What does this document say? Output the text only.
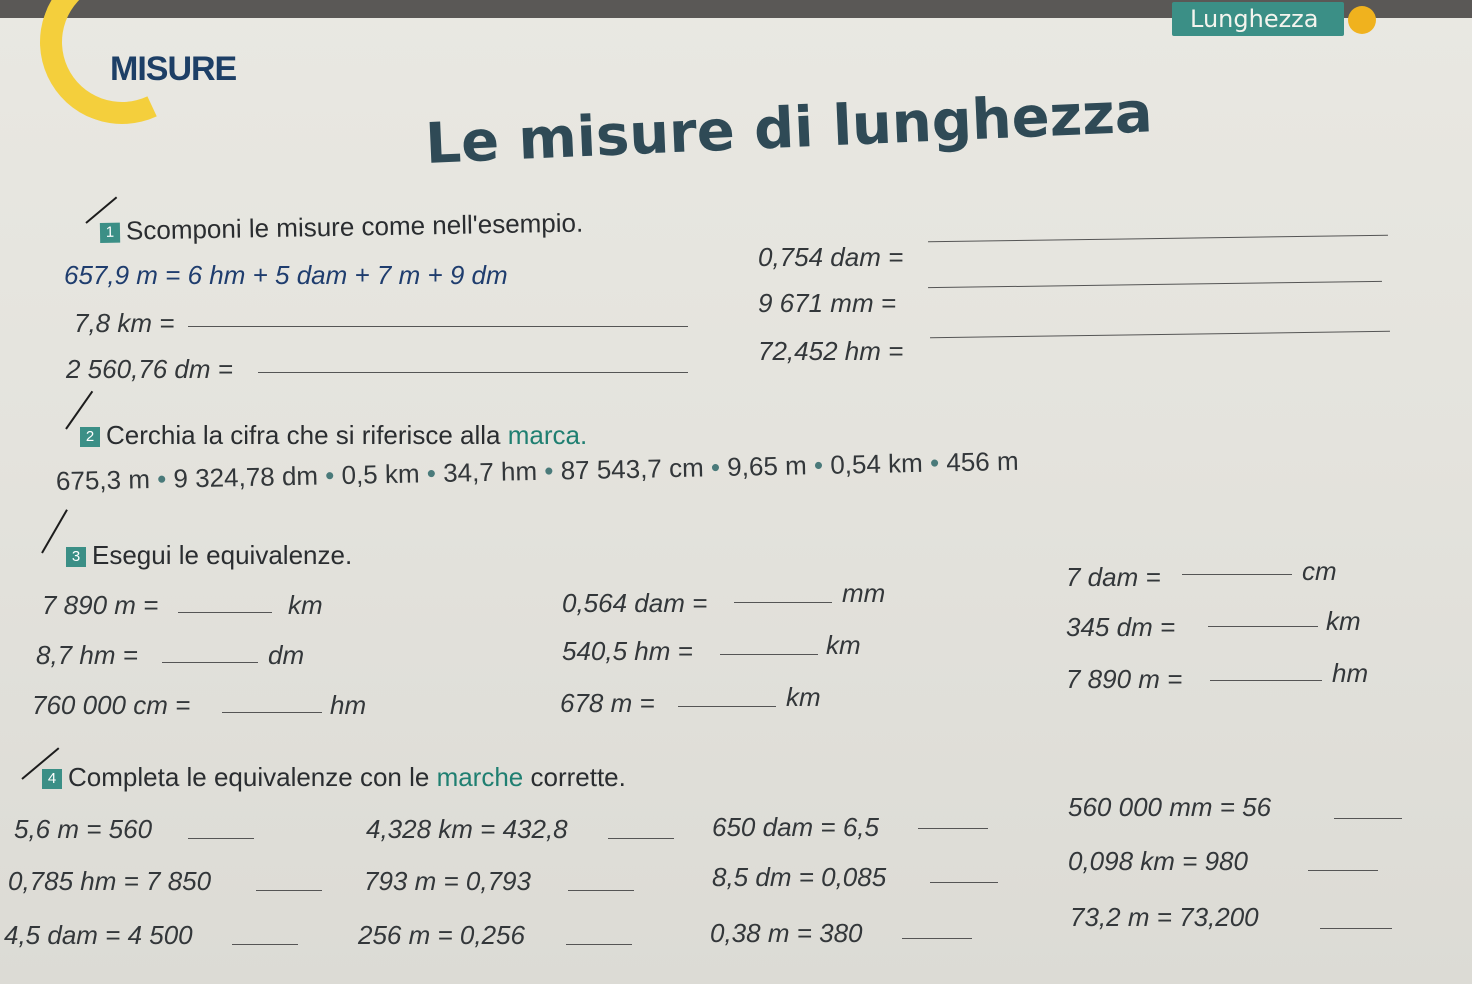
Lunghezza
MISURE
Le misure di lunghezza
1 Scomponi le misure come nell'esempio.
657,9 m = 6 hm + 5 dam + 7 m + 9 dm
7,8 km =
2 560,76 dm =
0,754 dam =
9 671 mm =
72,452 hm =
2 Cerchia la cifra che si riferisce alla marca.
675,3 m • 9 324,78 dm • 0,5 km • 34,7 hm • 87 543,7 cm • 9,65 m • 0,54 km • 456 m
3 Esegui le equivalenze.
7 890 m =	km
8,7 hm =	dm
760 000 cm =	hm
0,564 dam =	mm
540,5 hm =	km
678 m =	km
7 dam =	cm
345 dm =	km
7 890 m =	hm
4 Completa le equivalenze con le marche corrette.
5,6 m = 560
0,785 hm = 7 850
4,5 dam = 4 500
4,328 km = 432,8
793 m = 0,793
256 m = 0,256
650 dam = 6,5
8,5 dm = 0,085
0,38 m = 380
560 000 mm = 56
0,098 km = 980
73,2 m = 73,200
